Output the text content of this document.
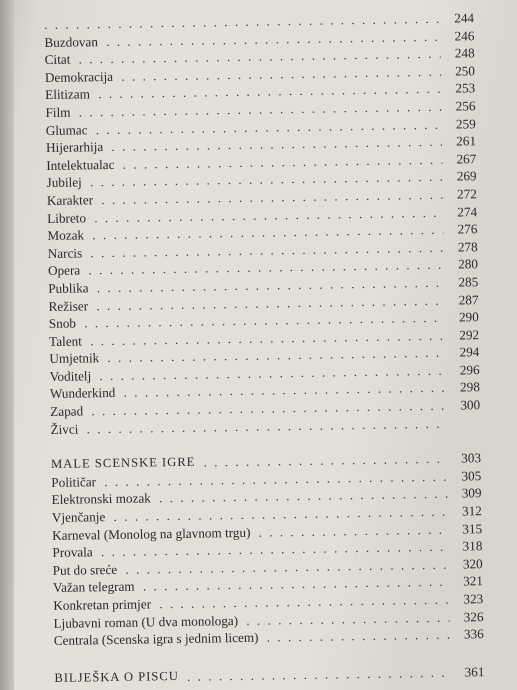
. . .
244
. . .
Buzdovan	246
. . .
Citat	248
. . .
Demokracija	250
. . .
Elitizam	253
. . .
Film	256
. . .
Glumac	259
. . .
Hijerarhija	261
. . .
Intelektualac	267
. . .
Jubilej	269
. . .
Karakter	272
. . .
Libreto	274
. . .
Mozak	276
. . .
Narcis	278
. . .
Opera	280
. . .
Publika	285
. . .
Režiser	287
. . .
Snob	290
. . .
Talent	292
. . .
Umjetnik	294
. . .
Voditelj	296
. . .
Wunderkind	298
. . .
Zapad	300
. . .
Živci
. . .
MALE SCENSKE IGRE	303
. . .
Političar	305
. . .
Elektronski mozak	309
. . .
Vjenčanje	312
. . .
Karneval (Monolog na glavnom trgu)	315
. . .
Provala	318
. . .
Put do sreće	320
. . .
Važan telegram	321
. . .
Konkretan primjer	323
. . .
Ljubavni roman (U dva monologa)	326
. . .
Centrala (Scenska igra s jednim licem)	336
. . .
BILJEŠKA O PISCU	361
